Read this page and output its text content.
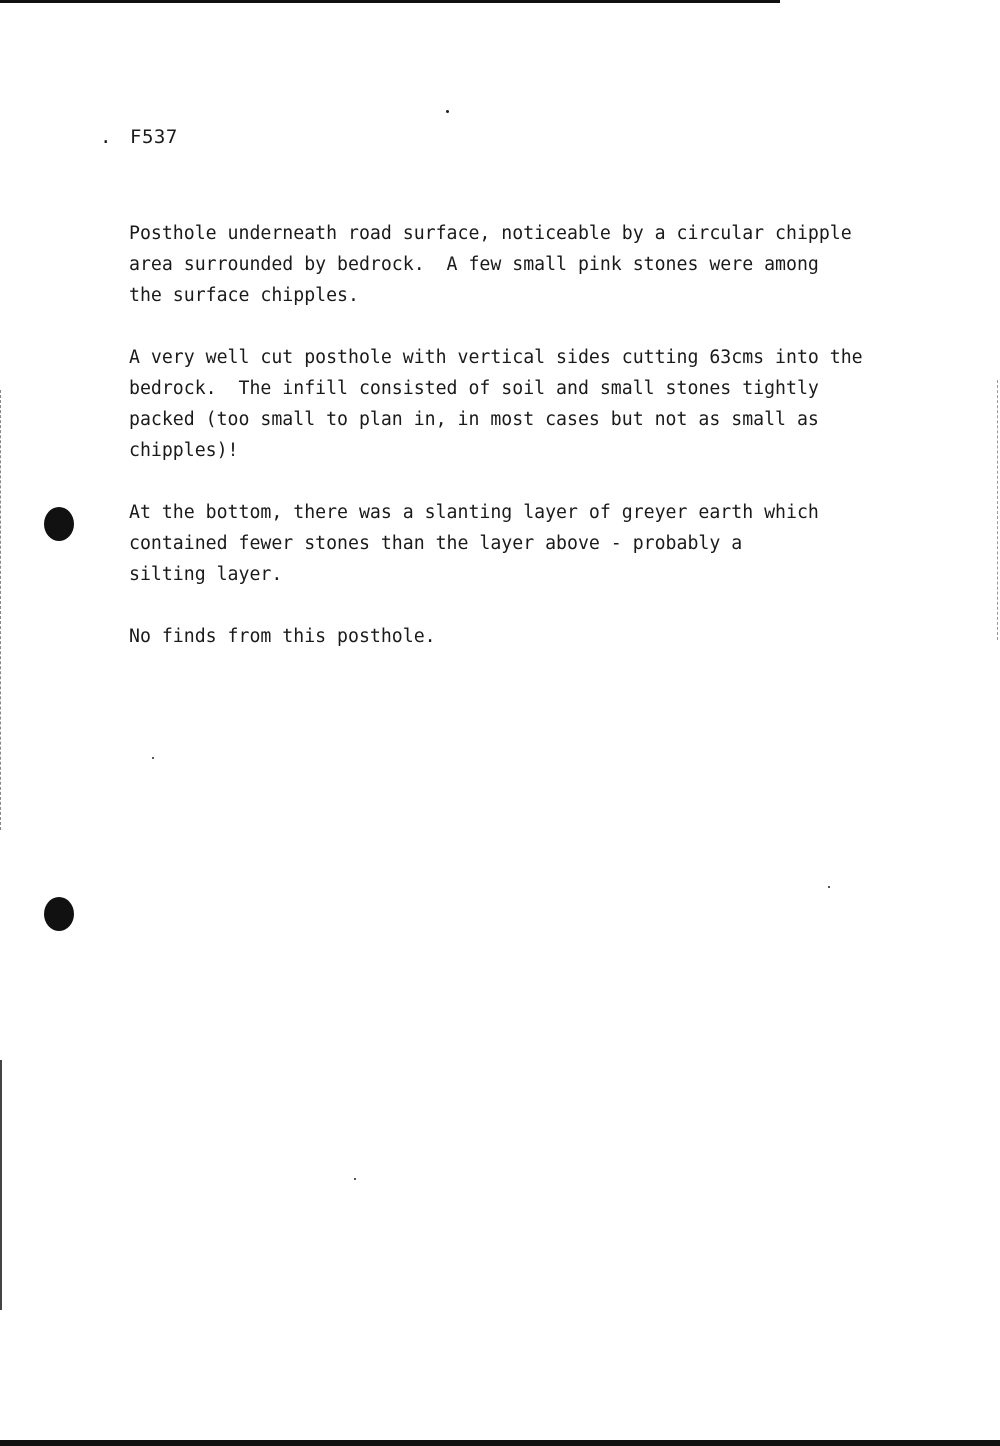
. F537

Posthole underneath road surface, noticeable by a circular chipple
area surrounded by bedrock.  A few small pink stones were among
the surface chipples.

A very well cut posthole with vertical sides cutting 63cms into the
bedrock.  The infill consisted of soil and small stones tightly
packed (too small to plan in, in most cases but not as small as
chipples)!

At the bottom, there was a slanting layer of greyer earth which
contained fewer stones than the layer above - probably a
silting layer.

No finds from this posthole.
